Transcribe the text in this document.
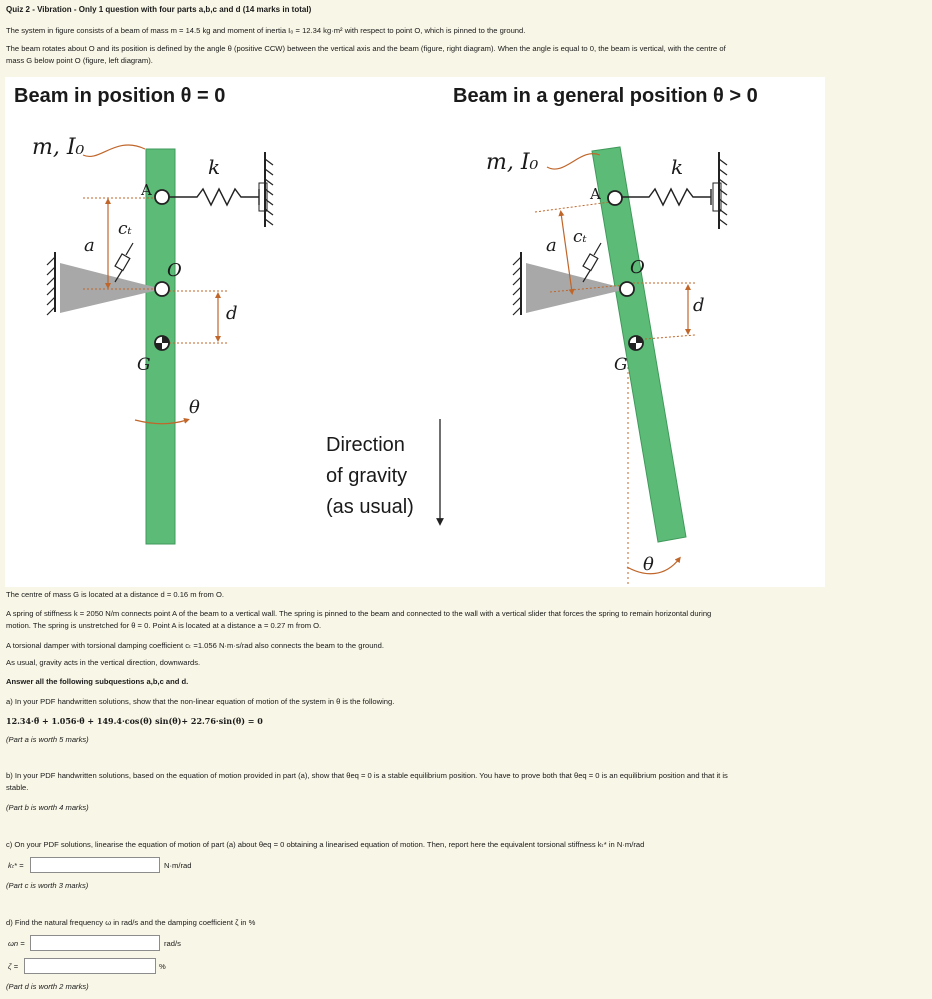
Quiz 2 - Vibration - Only 1 question with four parts a,b,c and d (14 marks in total)
The system in figure consists of a beam of mass m = 14.5 kg and moment of inertia I₀ = 12.34 kg·m² with respect to point O, which is pinned to the ground.
The beam rotates about O and its position is defined by the angle θ (positive CCW) between the vertical axis and the beam (figure, right diagram). When the angle is equal to 0, the beam is vertical, with the centre of
mass G below point O (figure, left diagram).
Beam in position θ = 0	Beam in a general position θ > 0
Direction
of gravity
(as usual)
m, I₀
k
A
a
cₜ
O
d
G
θ
m, I₀	k
A
a cₜ
O
d
G
θ
The centre of mass G is located at a distance d = 0.16 m from O.
A spring of stiffness k = 2050 N/m connects point A of the beam to a vertical wall. The spring is pinned to the beam and connected to the wall with a vertical slider that forces the spring to remain horizontal during
motion. The spring is unstretched for θ = 0. Point A is located at a distance a = 0.27 m from O.
A torsional damper with torsional damping coefficient cₜ =1.056 N·m·s/rad also connects the beam to the ground.
As usual, gravity acts in the vertical direction, downwards.
Answer all the following subquestions a,b,c and d.
a) In your PDF handwritten solutions, show that the non-linear equation of motion of the system in θ is the following.
12.34·θ̈ + 1.056·θ̇ + 149.4·cos(θ) sin(θ)+ 22.76·sin(θ) = 0
(Part a is worth 5 marks)
b) In your PDF handwritten solutions, based on the equation of motion provided in part (a), show that θeq = 0 is a stable equilibrium position. You have to prove both that θeq = 0 is an equilibrium position and that it is
stable.
(Part b is worth 4 marks)
c) On your PDF solutions, linearise the equation of motion of part (a) about θeq = 0 obtaining a linearised equation of motion. Then, report here the equivalent torsional stiffness kₜ* in N·m/rad
kₜ* =	N·m/rad
(Part c is worth 3 marks)
d) Find the natural frequency ω in rad/s and the damping coefficient ζ in %
ωn =	rad/s
ζ =	%
(Part d is worth 2 marks)
